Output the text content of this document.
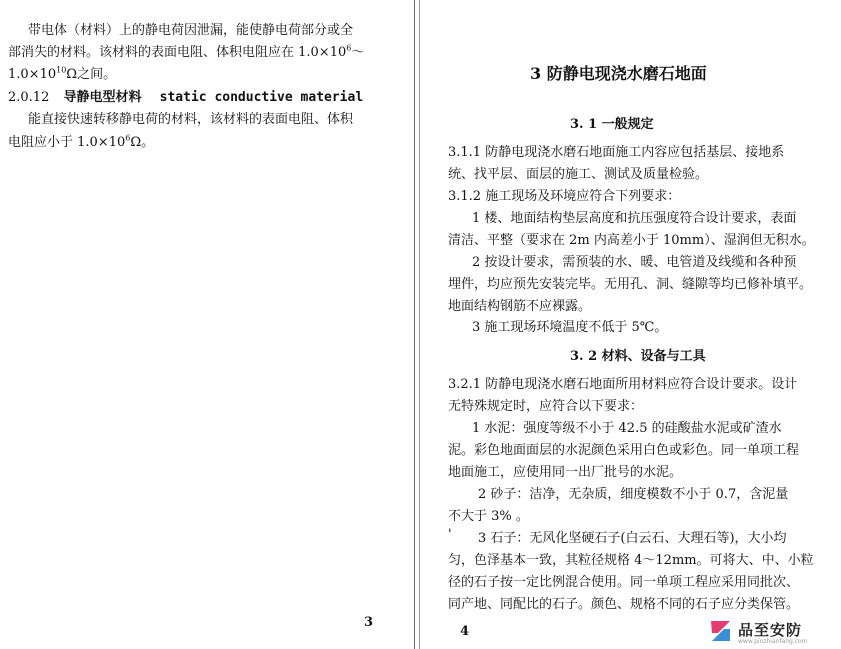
带电体（材料）上的静电荷因泄漏，能使静电荷部分或全
部消失的材料。该材料的表面电阻、体积电阻应在 $1.0\times 10^6\sim$
$1.0\times 10^{10}\Omega$之间。
2.0.12 导静电型材料 static conductive material
能直接快速转移静电荷的材料，该材料的表面电阻、体积
电阻应小于 $1.0\times 10^6\Omega$。
3
3 防静电现浇水磨石地面
3. 1 一般规定
3.1.1 防静电现浇水磨石地面施工内容应包括基层、接地系
统、找平层、面层的施工、测试及质量检验。
3.1.2 施工现场及环境应符合下列要求：
1 楼、地面结构垫层高度和抗压强度符合设计要求，表面
清洁、平整（要求在 2m 内高差小于 10mm）、湿润但无积水。
2 按设计要求，需预装的水、暖、电管道及线缆和各种预
埋件，均应预先安装完毕。无用孔、洞、缝隙等均已修补填平。
地面结构钢筋不应裸露。
3 施工现场环境温度不低于 5℃。
3. 2 材料、设备与工具
3.2.1 防静电现浇水磨石地面所用材料应符合设计要求。设计
无特殊规定时，应符合以下要求：
1 水泥：强度等级不小于 42.5 的硅酸盐水泥或矿渣水
泥。彩色地面面层的水泥颜色采用白色或彩色。同一单项工程
地面施工，应使用同一出厂批号的水泥。
2 砂子：洁净，无杂质，细度模数不小于 0.7，含泥量
不大于 3% 。
' 3 石子：无风化坚硬石子(白云石、大理石等)，大小均
匀，色泽基本一致，其粒径规格 4～12mm。可将大、中、小粒
径的石子按一定比例混合使用。同一单项工程应采用同批次、
同产地、同配比的石子。颜色、规格不同的石子应分类保管。
4	品至安防
www.pinzhianfang.com
